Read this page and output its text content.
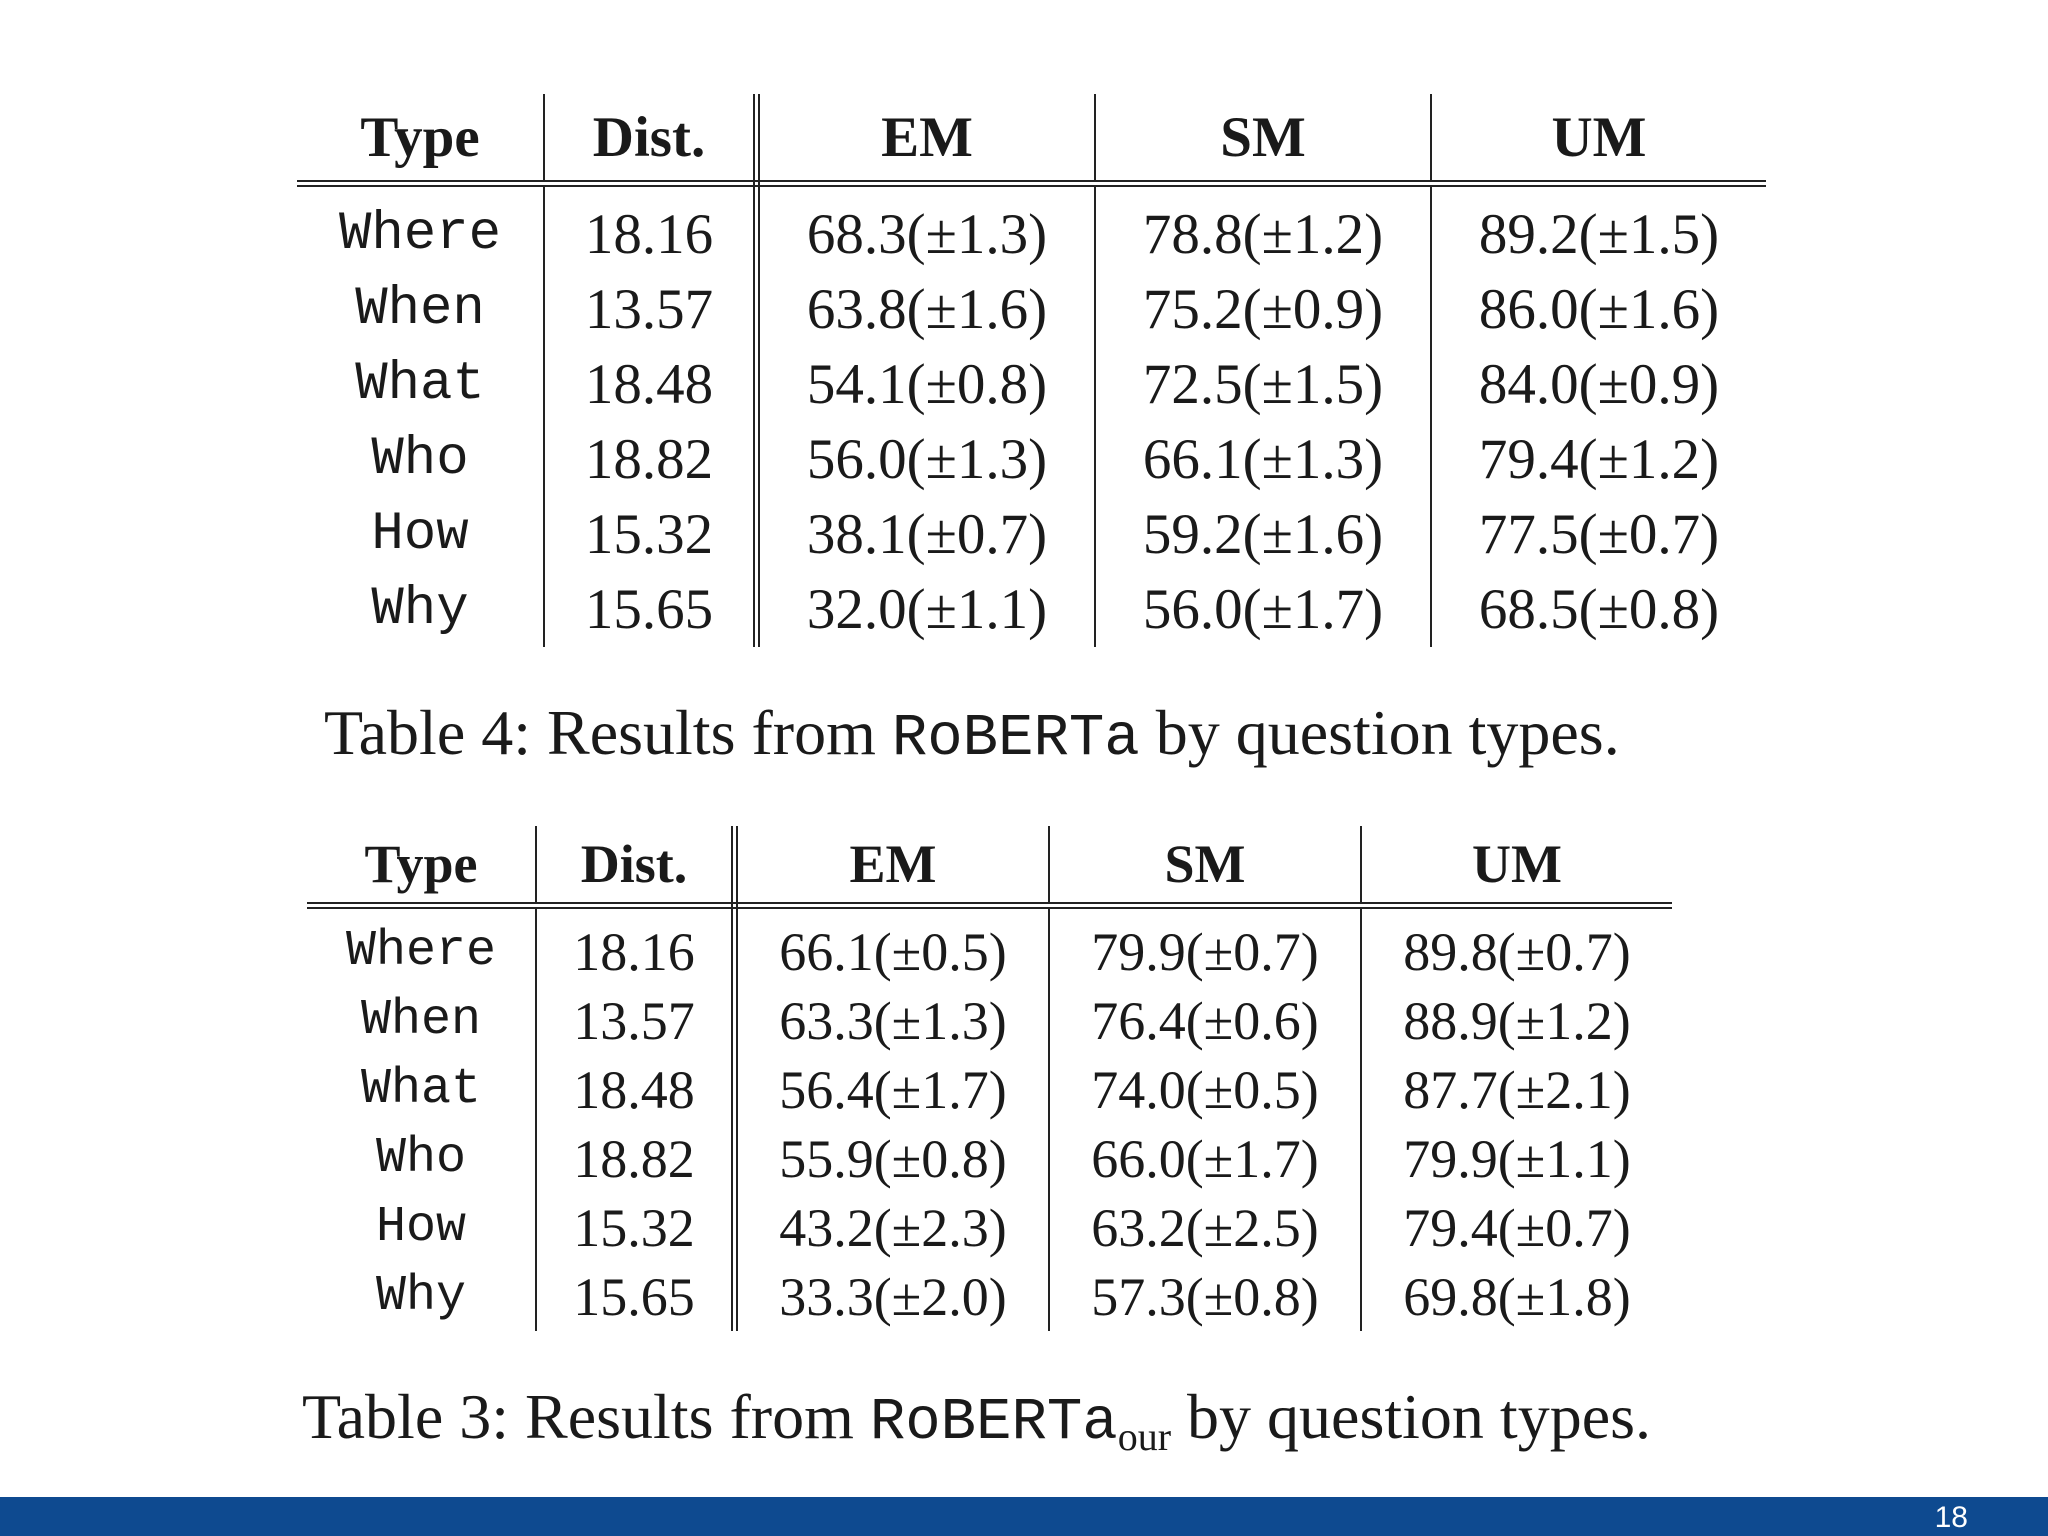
Type	Dist.	EM	SM	UM
Where	18.16	68.3(±1.3)	78.8(±1.2)	89.2(±1.5)
When	13.57	63.8(±1.6)	75.2(±0.9)	86.0(±1.6)
What	18.48	54.1(±0.8)	72.5(±1.5)	84.0(±0.9)
Who	18.82	56.0(±1.3)	66.1(±1.3)	79.4(±1.2)
How	15.32	38.1(±0.7)	59.2(±1.6)	77.5(±0.7)
Why	15.65	32.0(±1.1)	56.0(±1.7)	68.5(±0.8)
Table 4: Results from RoBERTa by question types.
Type	Dist.	EM	SM	UM
Where	18.16	66.1(±0.5)	79.9(±0.7)	89.8(±0.7)
When	13.57	63.3(±1.3)	76.4(±0.6)	88.9(±1.2)
What	18.48	56.4(±1.7)	74.0(±0.5)	87.7(±2.1)
Who	18.82	55.9(±0.8)	66.0(±1.7)	79.9(±1.1)
How	15.32	43.2(±2.3)	63.2(±2.5)	79.4(±0.7)
Why	15.65	33.3(±2.0)	57.3(±0.8)	69.8(±1.8)
Table 3: Results from RoBERTa$_{our}$ by question types.
18
